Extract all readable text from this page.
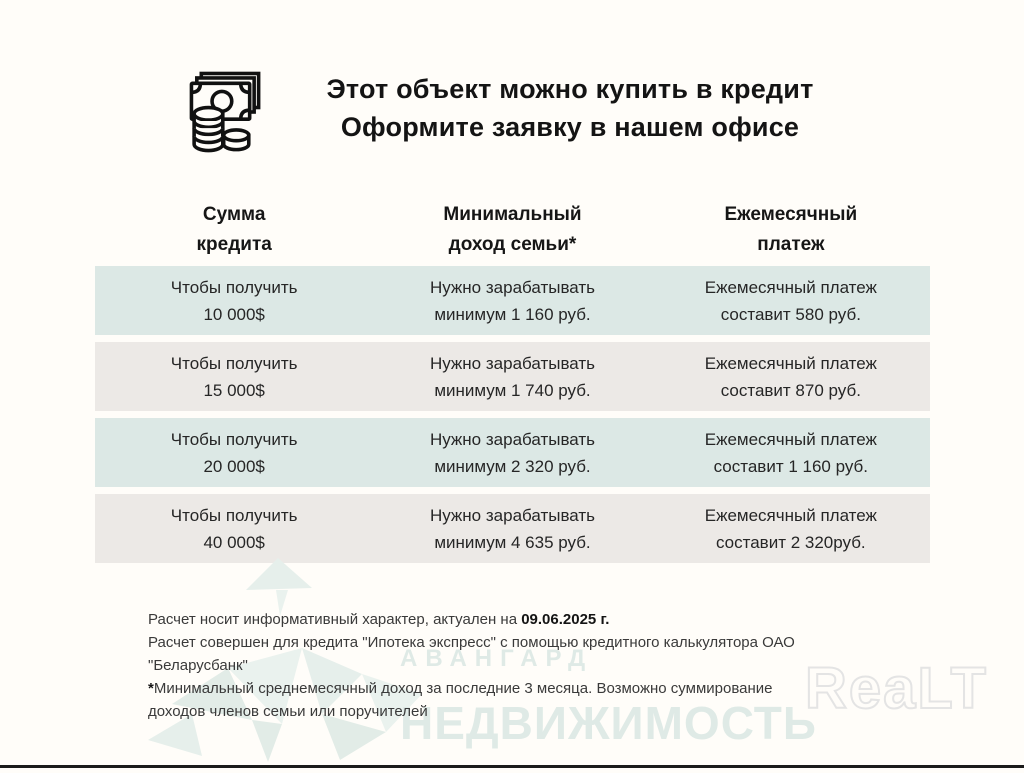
Этот объект можно купить в кредит
Оформите заявку в нашем офисе
Сумма
кредита
Минимальный
доход семьи*
Ежемесячный
платеж
Чтобы получить
10 000$
Нужно зарабатывать
минимум 1 160 руб.
Ежемесячный платеж
составит 580 руб.
Чтобы получить
15 000$
Нужно зарабатывать
минимум 1 740 руб.
Ежемесячный платеж
составит 870 руб.
Чтобы получить
20 000$
Нужно зарабатывать
минимум 2 320 руб.
Ежемесячный платеж
составит 1 160 руб.
Чтобы получить
40 000$
Нужно зарабатывать
минимум 4 635 руб.
Ежемесячный платеж
составит 2 320руб.
Расчет носит информативный характер, актуален на 09.06.2025 г.
Расчет совершен для кредита "Ипотека экспресс" с помощью кредитного калькулятора ОАО
"Беларусбанк"
*Минимальный среднемесячный доход за последние 3 месяца. Возможно суммирование
доходов членов семьи или поручителей	ReaLT
АВАНГАРД
НЕДВИЖИМОСТЬ
